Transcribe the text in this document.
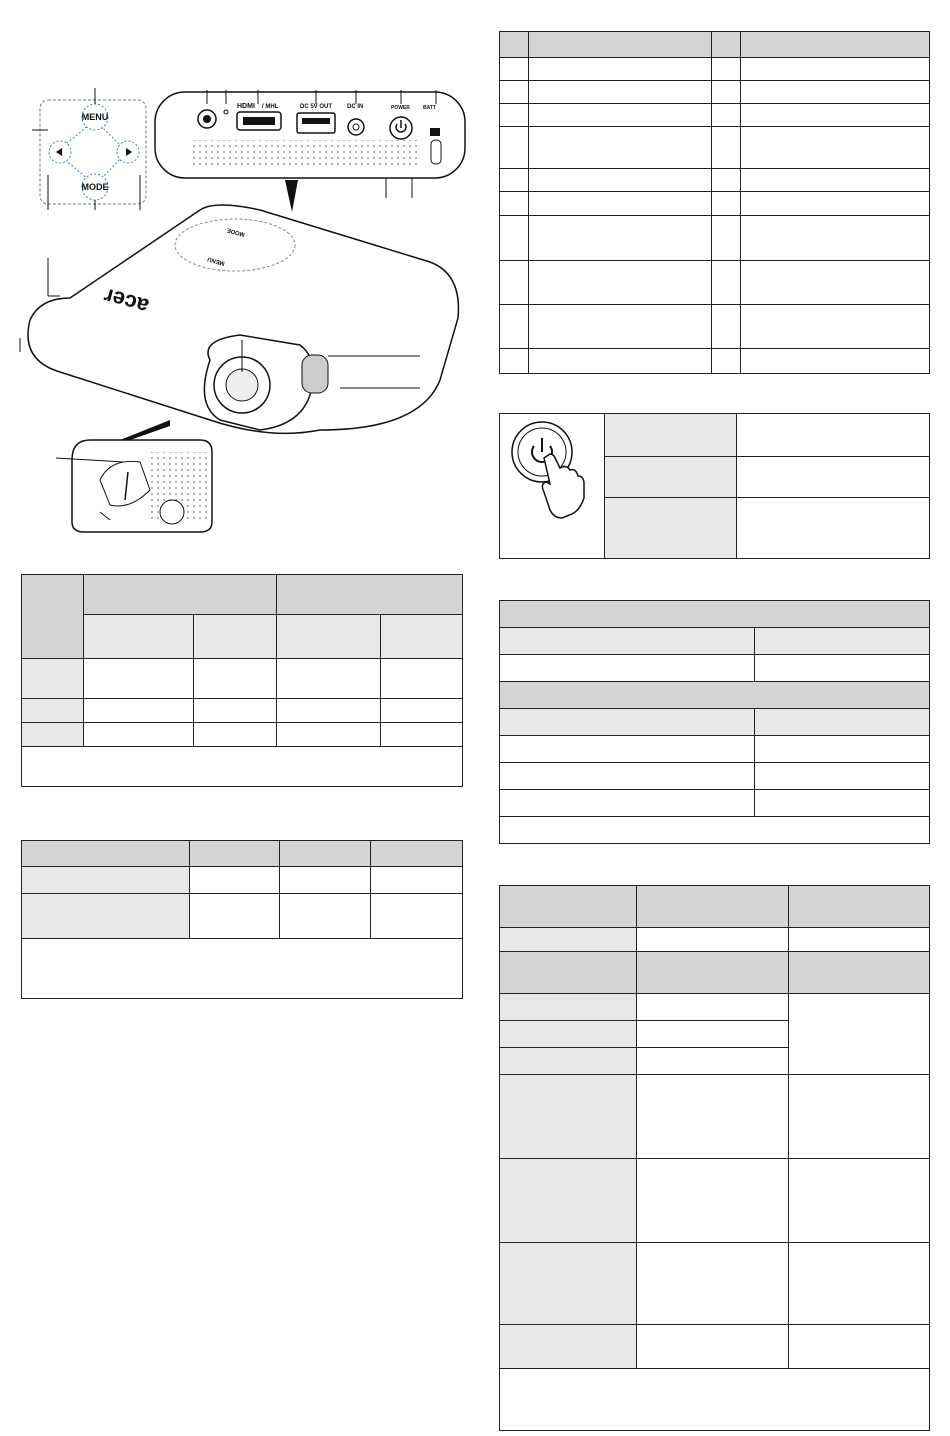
MENU
MODE
HDMI / MHL	DC 5V OUT DC IN	POWER	BATT
MODE
MENU
acer
